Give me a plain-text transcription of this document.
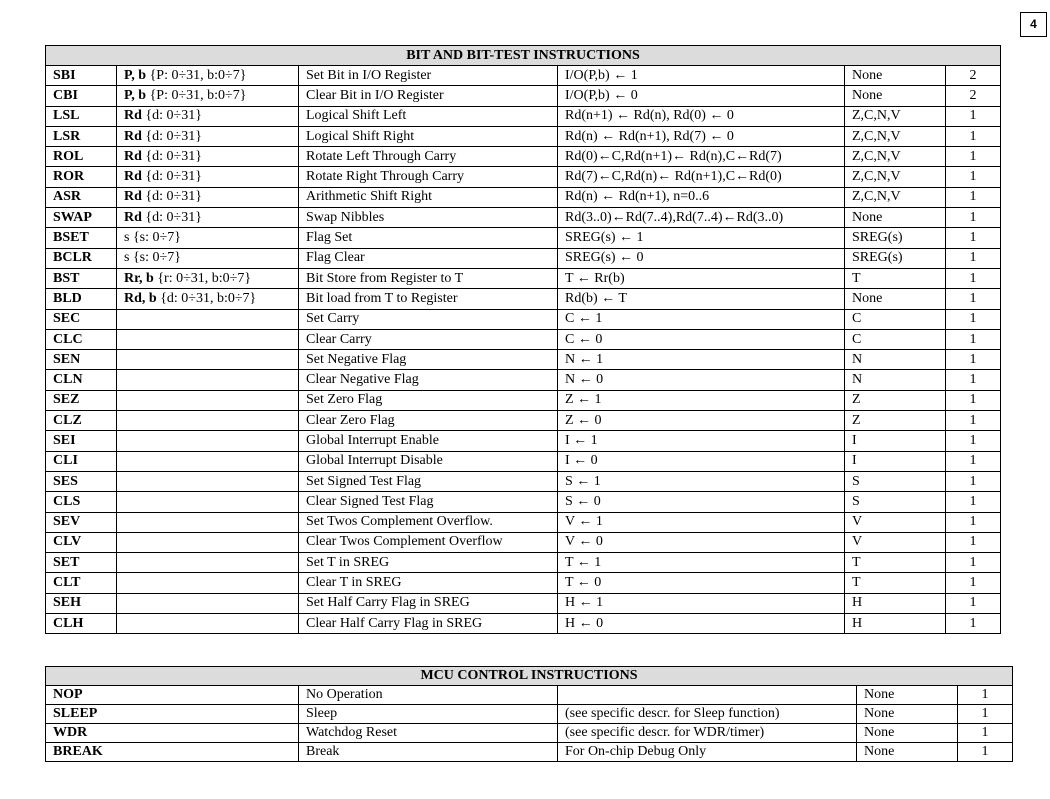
4
BIT AND BIT-TEST INSTRUCTIONS					
SBI	P, b {P: 0÷31, b:0÷7}	Set Bit in I/O Register	I/O(P,b) ← 1	None	2
CBI	P, b {P: 0÷31, b:0÷7}	Clear Bit in I/O Register	I/O(P,b) ← 0	None	2
LSL	Rd {d: 0÷31}	Logical Shift Left	Rd(n+1) ← Rd(n), Rd(0) ← 0	Z,C,N,V	1
LSR	Rd {d: 0÷31}	Logical Shift Right	Rd(n) ← Rd(n+1), Rd(7) ← 0	Z,C,N,V	1
ROL	Rd {d: 0÷31}	Rotate Left Through Carry	Rd(0)←C,Rd(n+1)← Rd(n),C←Rd(7)	Z,C,N,V	1
ROR	Rd {d: 0÷31}	Rotate Right Through Carry	Rd(7)←C,Rd(n)← Rd(n+1),C←Rd(0)	Z,C,N,V	1
ASR	Rd {d: 0÷31}	Arithmetic Shift Right	Rd(n) ← Rd(n+1), n=0..6	Z,C,N,V	1
SWAP	Rd {d: 0÷31}	Swap Nibbles	Rd(3..0)←Rd(7..4),Rd(7..4)←Rd(3..0)	None	1
BSET	s {s: 0÷7}	Flag Set	SREG(s) ← 1	SREG(s)	1
BCLR	s {s: 0÷7}	Flag Clear	SREG(s) ← 0	SREG(s)	1
BST	Rr, b {r: 0÷31, b:0÷7}	Bit Store from Register to T	T ← Rr(b)	T	1
BLD	Rd, b {d: 0÷31, b:0÷7}	Bit load from T to Register	Rd(b) ← T	None	1
SEC		Set Carry	C ← 1	C	1
CLC		Clear Carry	C ← 0	C	1
SEN		Set Negative Flag	N ← 1	N	1
CLN		Clear Negative Flag	N ← 0	N	1
SEZ		Set Zero Flag	Z ← 1	Z	1
CLZ		Clear Zero Flag	Z ← 0	Z	1
SEI		Global Interrupt Enable	I ← 1	I	1
CLI		Global Interrupt Disable	I ← 0	I	1
SES		Set Signed Test Flag	S ← 1	S	1
CLS		Clear Signed Test Flag	S ← 0	S	1
SEV		Set Twos Complement Overflow.	V ← 1	V	1
CLV		Clear Twos Complement Overflow	V ← 0	V	1
SET		Set T in SREG	T ← 1	T	1
CLT		Clear T in SREG	T ← 0	T	1
SEH		Set Half Carry Flag in SREG	H ← 1	H	1
CLH		Clear Half Carry Flag in SREG	H ← 0	H	1
MCU CONTROL INSTRUCTIONS				
NOP	No Operation		None	1
SLEEP	Sleep	(see specific descr. for Sleep function)	None	1
WDR	Watchdog Reset	(see specific descr. for WDR/timer)	None	1
BREAK	Break	For On-chip Debug Only	None	1
